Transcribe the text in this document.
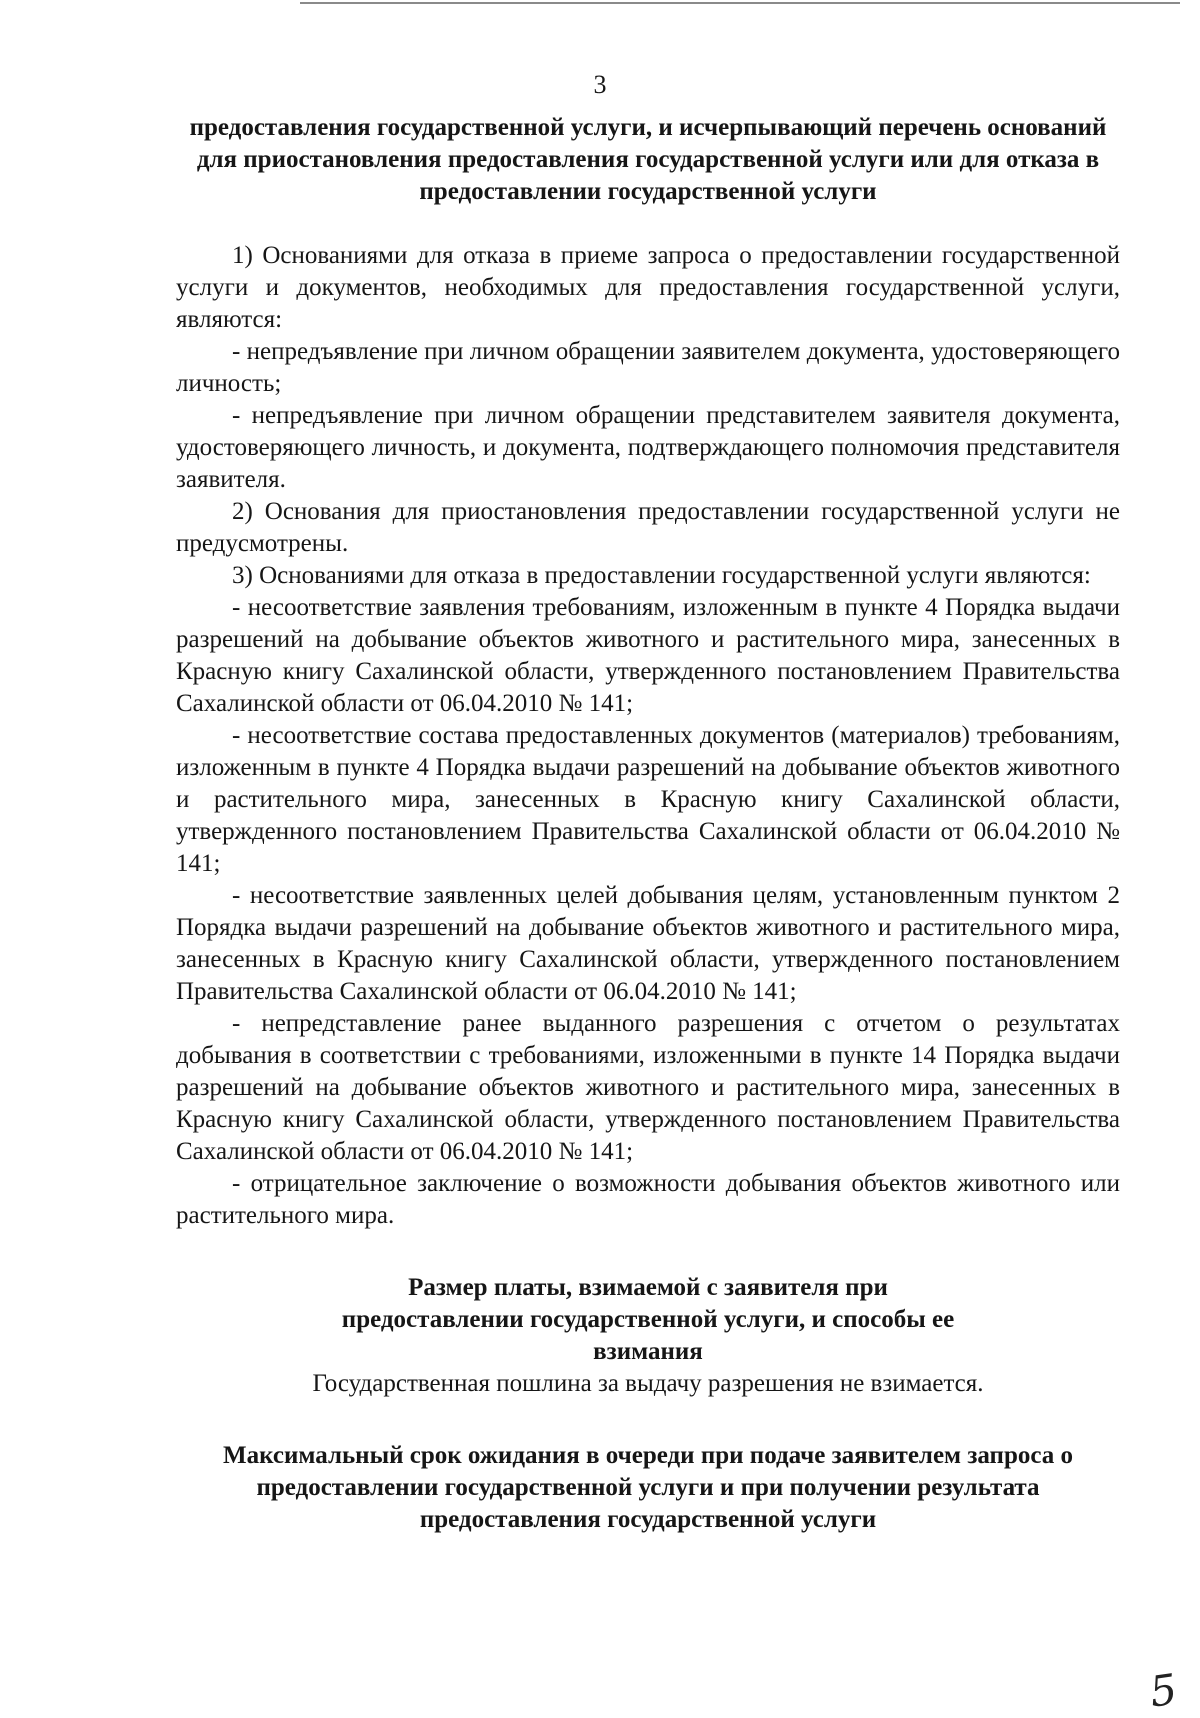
3

предоставления государственной услуги, и исчерпывающий перечень оснований для приостановления предоставления государственной услуги или для отказа в предоставлении государственной услуги

1) Основаниями для отказа в приеме запроса о предоставлении государственной услуги и документов, необходимых для предоставления государственной услуги, являются:

- непредъявление при личном обращении заявителем документа, удостоверяющего личность;

- непредъявление при личном обращении представителем заявителя документа, удостоверяющего личность, и документа, подтверждающего полномочия представителя заявителя.

2) Основания для приостановления предоставлении государственной услуги не предусмотрены.

3) Основаниями для отказа в предоставлении государственной услуги являются:

- несоответствие заявления требованиям, изложенным в пункте 4 Порядка выдачи разрешений на добывание объектов животного и растительного мира, занесенных в Красную книгу Сахалинской области, утвержденного постановлением Правительства Сахалинской области от 06.04.2010 № 141;

- несоответствие состава предоставленных документов (материалов) требованиям, изложенным в пункте 4 Порядка выдачи разрешений на добывание объектов животного и растительного мира, занесенных в Красную книгу Сахалинской области, утвержденного постановлением Правительства Сахалинской области от 06.04.2010 № 141;

- несоответствие заявленных целей добывания целям, установленным пунктом 2 Порядка выдачи разрешений на добывание объектов животного и растительного мира, занесенных в Красную книгу Сахалинской области, утвержденного постановлением Правительства Сахалинской области от 06.04.2010 № 141;

- непредставление ранее выданного разрешения с отчетом о результатах добывания в соответствии с требованиями, изложенными в пункте 14 Порядка выдачи разрешений на добывание объектов животного и растительного мира, занесенных в Красную книгу Сахалинской области, утвержденного постановлением Правительства Сахалинской области от 06.04.2010 № 141;

- отрицательное заключение о возможности добывания объектов животного или растительного мира.

Размер платы, взимаемой с заявителя при предоставлении государственной услуги, и способы ее взимания

Государственная пошлина за выдачу разрешения не взимается.

Максимальный срок ожидания в очереди при подаче заявителем запроса о предоставлении государственной услуги и при получении результата предоставления государственной услуги

5
